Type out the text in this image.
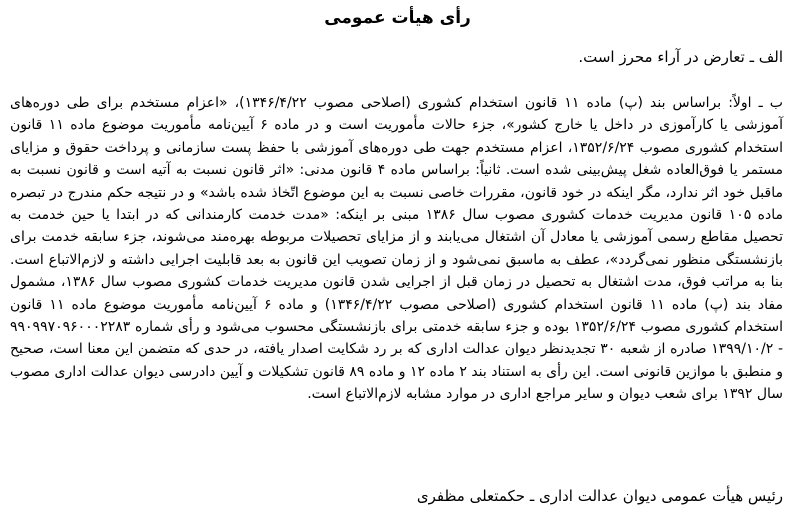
رأی هیأت عمومی

الف ـ تعارض در آراء محرز است.

ب ـ اولاً: براساس بند (پ) ماده ۱۱ قانون استخدام کشوری (اصلاحی مصوب ۱۳۴۶/۴/۲۲)، «اعزام مستخدم برای طی دوره‌های آموزشی یا کارآموزی در داخل یا خارج کشور»، جزء حالات مأموریت است و در ماده ۶ آیین‌نامه مأموریت موضوع ماده ۱۱ قانون استخدام کشوری مصوب ۱۳۵۲/۶/۲۴، اعزام مستخدم جهت طی دوره‌های آموزشی با حفظ پست سازمانی و پرداخت حقوق و مزایای مستمر یا فوق‌العاده شغل پیش‌بینی شده است. ثانیاً: براساس ماده ۴ قانون مدنی: «اثر قانون نسبت به آتیه است و قانون نسبت به ماقبل خود اثر ندارد، مگر اینکه در خود قانون، مقررات خاصی نسبت به این موضوع اتّخاذ شده باشد» و در نتیجه حکم مندرج در تبصره ماده ۱۰۵ قانون مدیریت خدمات کشوری مصوب سال ۱۳۸۶ مبنی بر اینکه: «مدت خدمت کارمندانی که در ابتدا یا حین خدمت به تحصیل مقاطع رسمی آموزشی یا معادل آن اشتغال می‌یابند و از مزایای تحصیلات مربوطه بهره‌مند می‌شوند، جزء سابقه خدمت برای بازنشستگی منظور نمی‌گردد»، عطف به ماسبق نمی‌شود و از زمان تصویب این قانون به بعد قابلیت اجرایی داشته و لازم‌الاتباع است. بنا به مراتب فوق، مدت اشتغال به تحصیل در زمان قبل از اجرایی شدن قانون مدیریت خدمات کشوری مصوب سال ۱۳۸۶، مشمول مفاد بند (پ) ماده ۱۱ قانون استخدام کشوری (اصلاحی مصوب ۱۳۴۶/۴/۲۲) و ماده ۶ آیین‌نامه مأموریت موضوع ماده ۱۱ قانون استخدام کشوری مصوب ۱۳۵۲/۶/۲۴ بوده و جزء سابقه خدمتی برای بازنشستگی محسوب می‌شود و رأی شماره ۹۹۰۹۹۷۰۹۶۰۰۰۲۲۸۳ - ۱۳۹۹/۱۰/۲ صادره از شعبه ۳۰ تجدیدنظر دیوان عدالت اداری که بر رد شکایت اصدار یافته، در حدی که متضمن این معنا است، صحیح و منطبق با موازین قانونی است. این رأی به استناد بند ۲ ماده ۱۲ و ماده ۸۹ قانون تشکیلات و آیین دادرسی دیوان عدالت اداری مصوب سال ۱۳۹۲ برای شعب دیوان و سایر مراجع اداری در موارد مشابه لازم‌الاتباع است.

رئیس هیأت عمومی دیوان عدالت اداری ـ حکمتعلی مظفری
